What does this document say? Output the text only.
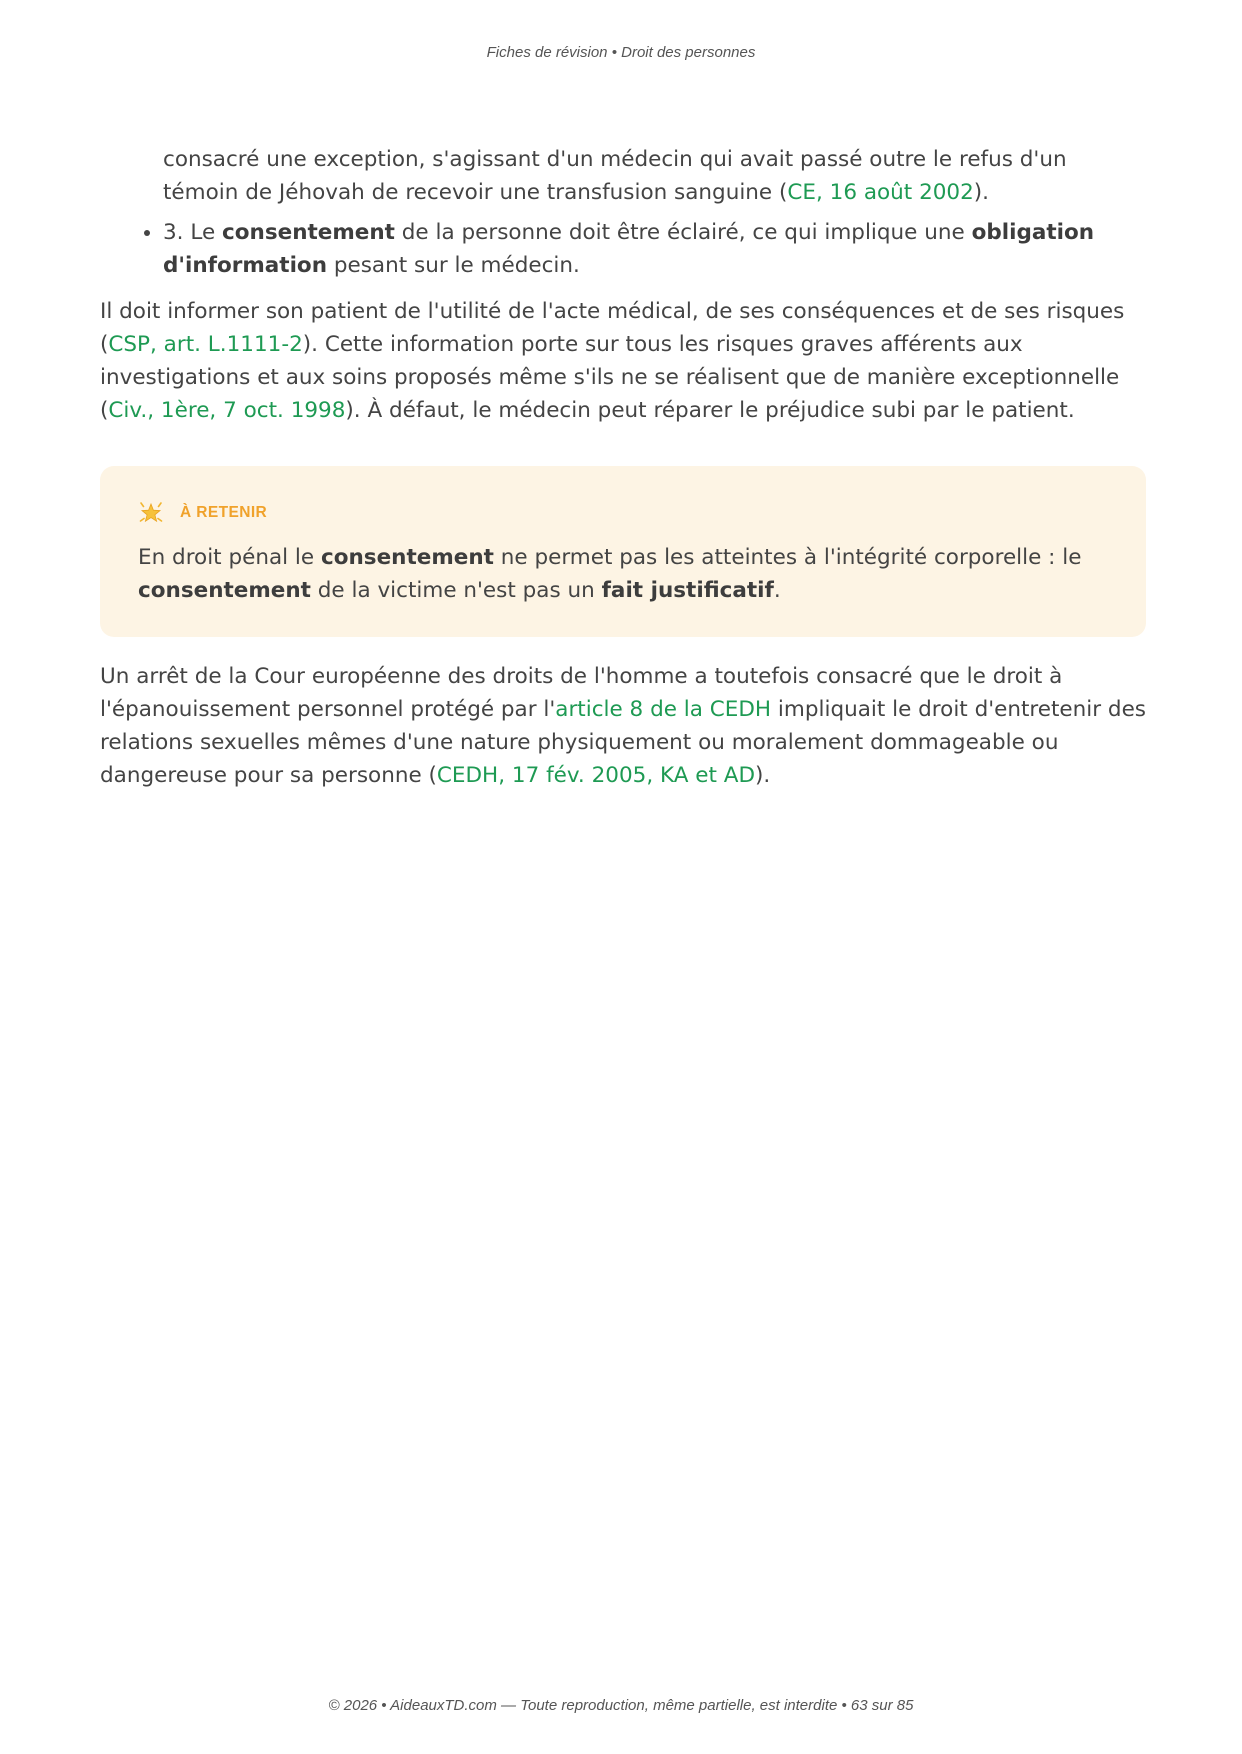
Fiches de révision • Droit des personnes

consacré une exception, s'agissant d'un médecin qui avait passé outre le refus d'un témoin de Jéhovah de recevoir une transfusion sanguine (CE, 16 août 2002).

• 3. Le consentement de la personne doit être éclairé, ce qui implique une obligation d'information pesant sur le médecin.

Il doit informer son patient de l'utilité de l'acte médical, de ses conséquences et de ses risques (CSP, art. L.1111-2). Cette information porte sur tous les risques graves afférents aux investigations et aux soins proposés même s'ils ne se réalisent que de manière exceptionnelle (Civ., 1ère, 7 oct. 1998). À défaut, le médecin peut réparer le préjudice subi par le patient.

À RETENIR

En droit pénal le consentement ne permet pas les atteintes à l'intégrité corporelle : le consentement de la victime n'est pas un fait justificatif.

Un arrêt de la Cour européenne des droits de l'homme a toutefois consacré que le droit à l'épanouissement personnel protégé par l'article 8 de la CEDH impliquait le droit d'entretenir des relations sexuelles mêmes d'une nature physiquement ou moralement dommageable ou dangereuse pour sa personne (CEDH, 17 fév. 2005, KA et AD).

© 2026 • AideauxTD.com — Toute reproduction, même partielle, est interdite • 63 sur 85
